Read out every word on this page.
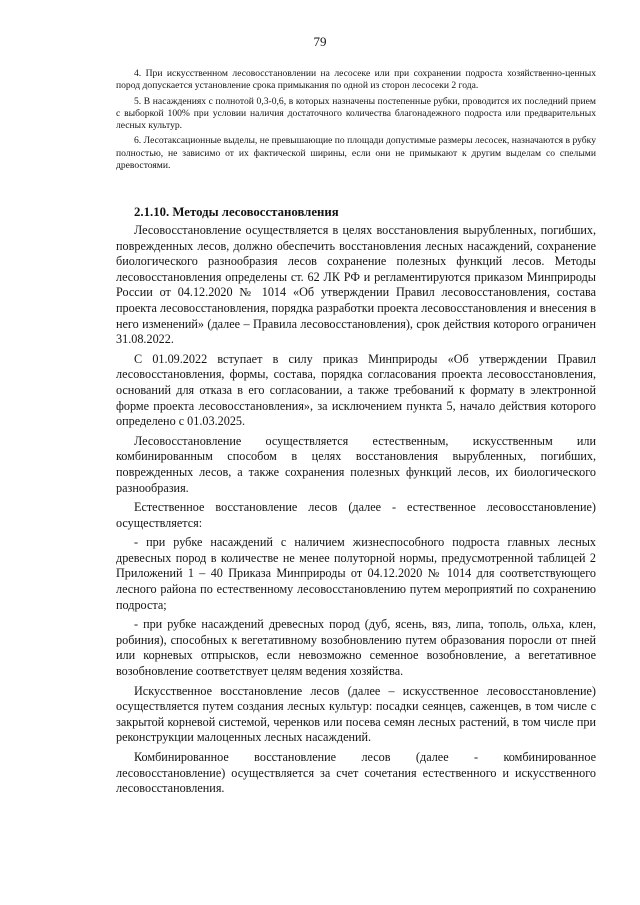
79

4. При искусственном лесовосстановлении на лесосеке или при сохранении подроста хозяйственно-ценных пород допускается установление срока примыкания по одной из сторон лесосеки 2 года.

5. В насаждениях с полнотой 0,3-0,6, в которых назначены постепенные рубки, проводится их последний прием с выборкой 100% при условии наличия достаточного количества благонадежного подроста или предварительных лесных культур.

6. Лесотаксационные выделы, не превышающие по площади допустимые размеры лесосек, назначаются в рубку полностью, не зависимо от их фактической ширины, если они не примыкают к другим выделам со спелыми древостоями.

2.1.10. Методы лесовосстановления

Лесовосстановление осуществляется в целях восстановления вырубленных, погибших, поврежденных лесов, должно обеспечить восстановления лесных насаждений, сохранение биологического разнообразия лесов сохранение полезных функций лесов. Методы лесовосстановления определены ст. 62 ЛК РФ и регламентируются приказом Минприроды России от 04.12.2020 № 1014 «Об утверждении Правил лесовосстановления, состава проекта лесовосстановления, порядка разработки проекта лесовосстановления и внесения в него изменений» (далее – Правила лесовосстановления), срок действия которого ограничен 31.08.2022.

С 01.09.2022 вступает в силу приказ Минприроды «Об утверждении Правил лесовосстановления, формы, состава, порядка согласования проекта лесовосстановления, оснований для отказа в его согласовании, а также требований к формату в электронной форме проекта лесовосстановления», за исключением пункта 5, начало действия которого определено с 01.03.2025.

Лесовосстановление осуществляется естественным, искусственным или комбинированным способом в целях восстановления вырубленных, погибших, поврежденных лесов, а также сохранения полезных функций лесов, их биологического разнообразия.

Естественное восстановление лесов (далее - естественное лесовосстановление) осуществляется:

- при рубке насаждений с наличием жизнеспособного подроста главных лесных древесных пород в количестве не менее полуторной нормы, предусмотренной таблицей 2 Приложений 1 – 40 Приказа Минприроды от 04.12.2020 № 1014 для соответствующего лесного района по естественному лесовосстановлению путем мероприятий по сохранению подроста;

- при рубке насаждений древесных пород (дуб, ясень, вяз, липа, тополь, ольха, клен, робиния), способных к вегетативному возобновлению путем образования поросли от пней или корневых отпрысков, если невозможно семенное возобновление, а вегетативное возобновление соответствует целям ведения хозяйства.

Искусственное восстановление лесов (далее – искусственное лесовосстановление) осуществляется путем создания лесных культур: посадки сеянцев, саженцев, в том числе с закрытой корневой системой, черенков или посева семян лесных растений, в том числе при реконструкции малоценных лесных насаждений.

Комбинированное восстановление лесов (далее - комбинированное лесовосстановление) осуществляется за счет сочетания естественного и искусственного лесовосстановления.
